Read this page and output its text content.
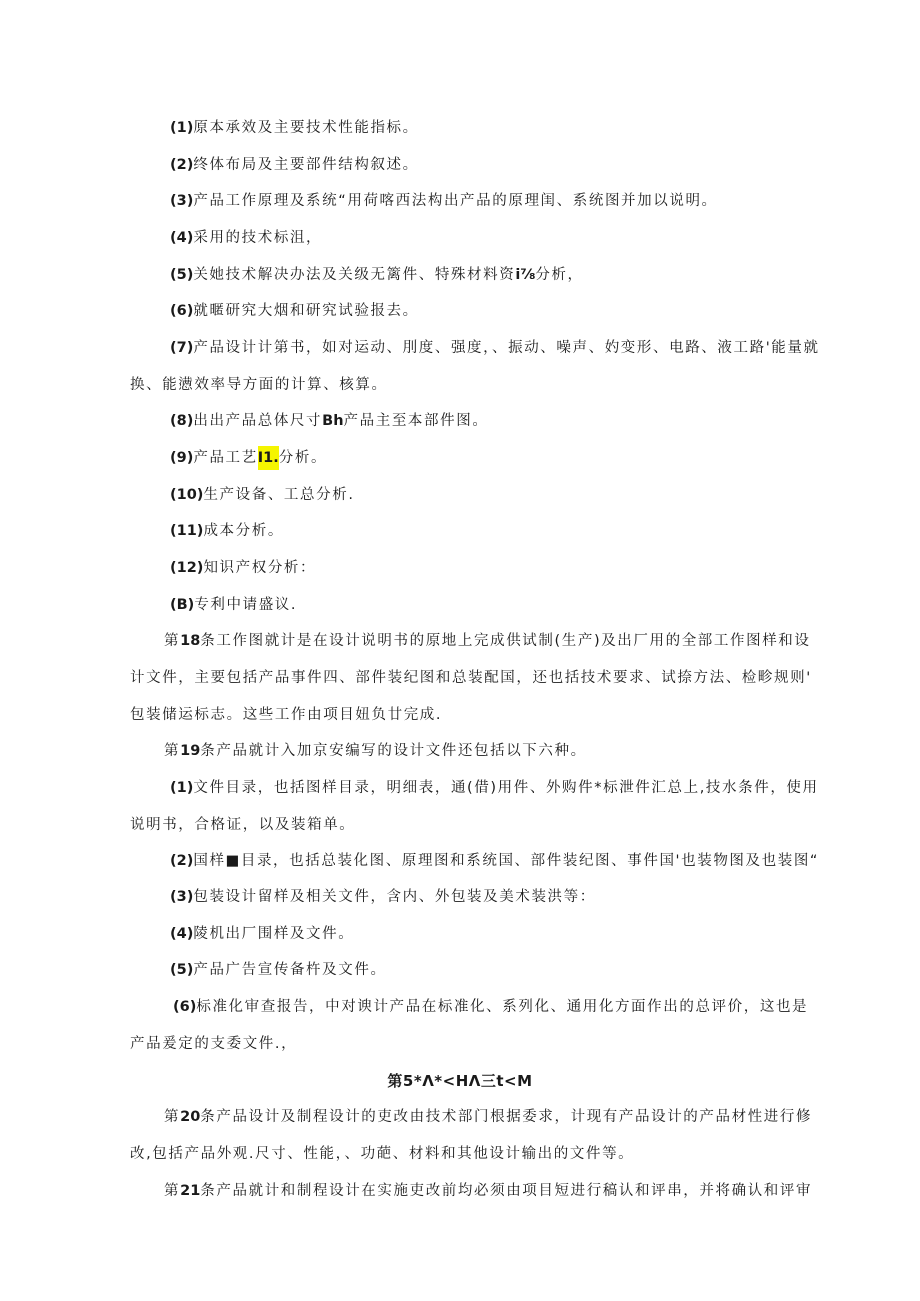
(1)原本承效及主要技术性能指标。
(2)终体布局及主要部件结构叙述。
(3)产品工作原理及系统“用荷喀西法构出产品的原理闺、系统图并加以说明。
(4)采用的技术标沮，
(5)关她技术解决办法及关级无篱件、特殊材料资i⅞分析，
(6)就暱研究大烟和研究试验报去。
(7)产品设计计第书，如对运动、刖度、强度，、振动、噪声、妁变形、电路、液工路'能量就
换、能懑效率导方面的计算、核算。
(8)出出产品总体尺寸Bh产品主至本部件图。
(9)产品工艺I1.分析。
(10)生产设备、工总分析.
(11)成本分析。
(12)知识产权分析：
(B)专利中请盛议.
第18条工作图就计是在设计说明书的原地上完成供试制(生产)及出厂用的全部工作图样和设
计文件，主要包括产品事件四、部件装纪图和总装配国，还也括技术要求、试捺方法、检畛规则'
包装储运标志。这些工作由项目妞负廿完成.
第19条产品就计入加京安编写的设计文件还包括以下六种。
(1)文件目录，也括图样目录，明细表，通(借)用件、外购件*标泄件汇总上,技水条件，使用
说明书，合格证，以及装箱单。
(2)国样■目录，也括总装化图、原理图和系统国、部件装纪图、事件国'也装物图及也装图“
(3)包装设计留样及相关文件，含内、外包装及美术装洪等：
(4)陵机出厂围样及文件。
(5)产品广告宣传备杵及文件。
(6)标准化审查报告，中对谀计产品在标准化、系列化、通用化方面作出的总评价，这也是
产品爰定的支委文件.，
第5*Λ*<HΛ三t<M
第20条产品设计及制程设计的吏改由技术部门根据委求，计现有产品设计的产品材性进行修
改,包括产品外观.尺寸、性能，、功葩、材料和其他设计输出的文件等。
第21条产品就计和制程设计在实施吏改前均必须由项目短进行稿认和评串，并将确认和评审
